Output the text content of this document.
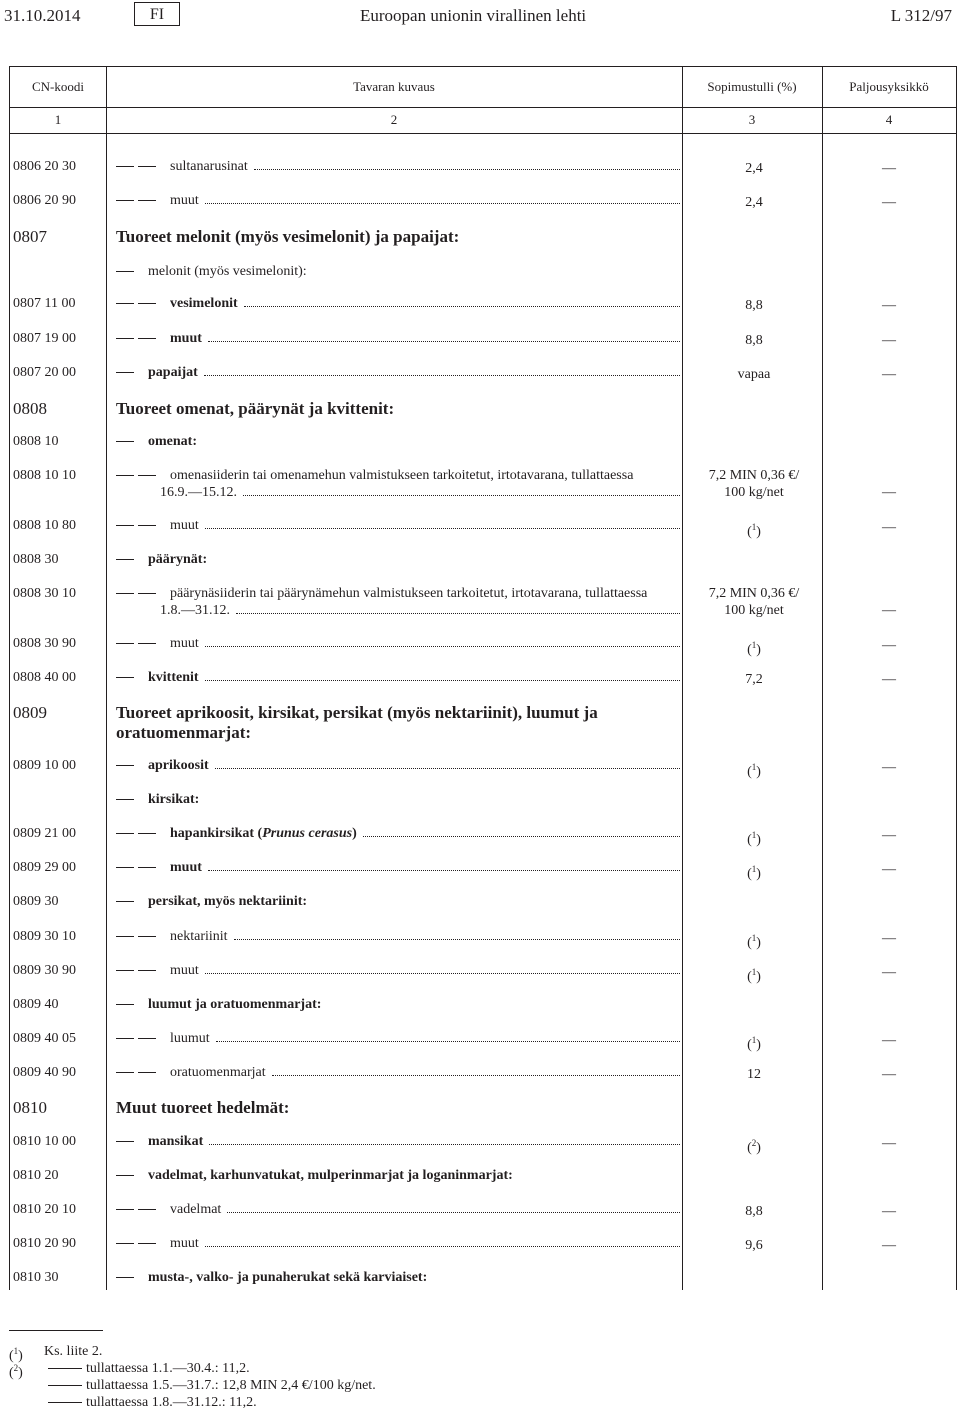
31.10.2014	FI	Euroopan unionin virallinen lehti	L 312/97
CN-koodi	Tavaran kuvaus	Sopimustulli (%)	Paljousyksikkö
1	2	3	4
0806 20 30	sultanarusinat	2,4	—
0806 20 90	muut	2,4	—
0807	Tuoreet melonit (myös vesimelonit) ja papaijat:
melonit (myös vesimelonit):
0807 11 00	vesimelonit	8,8	—
0807 19 00	muut	8,8	—
0807 20 00	papaijat	vapaa	—
0808	Tuoreet omenat, päärynät ja kvittenit:
0808 10	omenat:
0808 10 10	omenasiiderin tai omenamehun valmistukseen tarkoitetut, irtotavarana, tullattaessa
16.9.—15.12.
7,2 MIN 0,36 €/
100 kg/net	—
0808 10 80	muut	($^1$)	—
0808 30	päärynät:
0808 30 10	päärynäsiiderin tai päärynämehun valmistukseen tarkoitetut, irtotavarana, tullattaessa
1.8.—31.12.
7,2 MIN 0,36 €/
100 kg/net	—
0808 30 90	muut	($^1$)	—
0808 40 00	kvittenit	7,2	—
0809	Tuoreet aprikoosit, kirsikat, persikat (myös nektariinit), luumut ja
oratuomenmarjat:
0809 10 00	aprikoosit	($^1$)	—
kirsikat:
0809 21 00	hapankirsikat (Prunus cerasus)	($^1$)	—
0809 29 00	muut	($^1$)	—
0809 30	persikat, myös nektariinit:
0809 30 10	nektariinit	($^1$)	—
0809 30 90	muut	($^1$)	—
0809 40	luumut ja oratuomenmarjat:
0809 40 05	luumut	($^1$)	—
0809 40 90	oratuomenmarjat	12	—
0810	Muut tuoreet hedelmät:
0810 10 00	mansikat	($^2$)	—
0810 20	vadelmat, karhunvatukat, mulperinmarjat ja loganinmarjat:
0810 20 10	vadelmat	8,8	—
0810 20 90	muut	9,6	—
0810 30	musta-, valko- ja punaherukat sekä karviaiset:
($^1$) Ks. liite 2.
($^2$)	tullattaessa 1.1.—30.4.: 11,2.
tullattaessa 1.5.—31.7.: 12,8 MIN 2,4 €/100 kg/net.
tullattaessa 1.8.—31.12.: 11,2.
